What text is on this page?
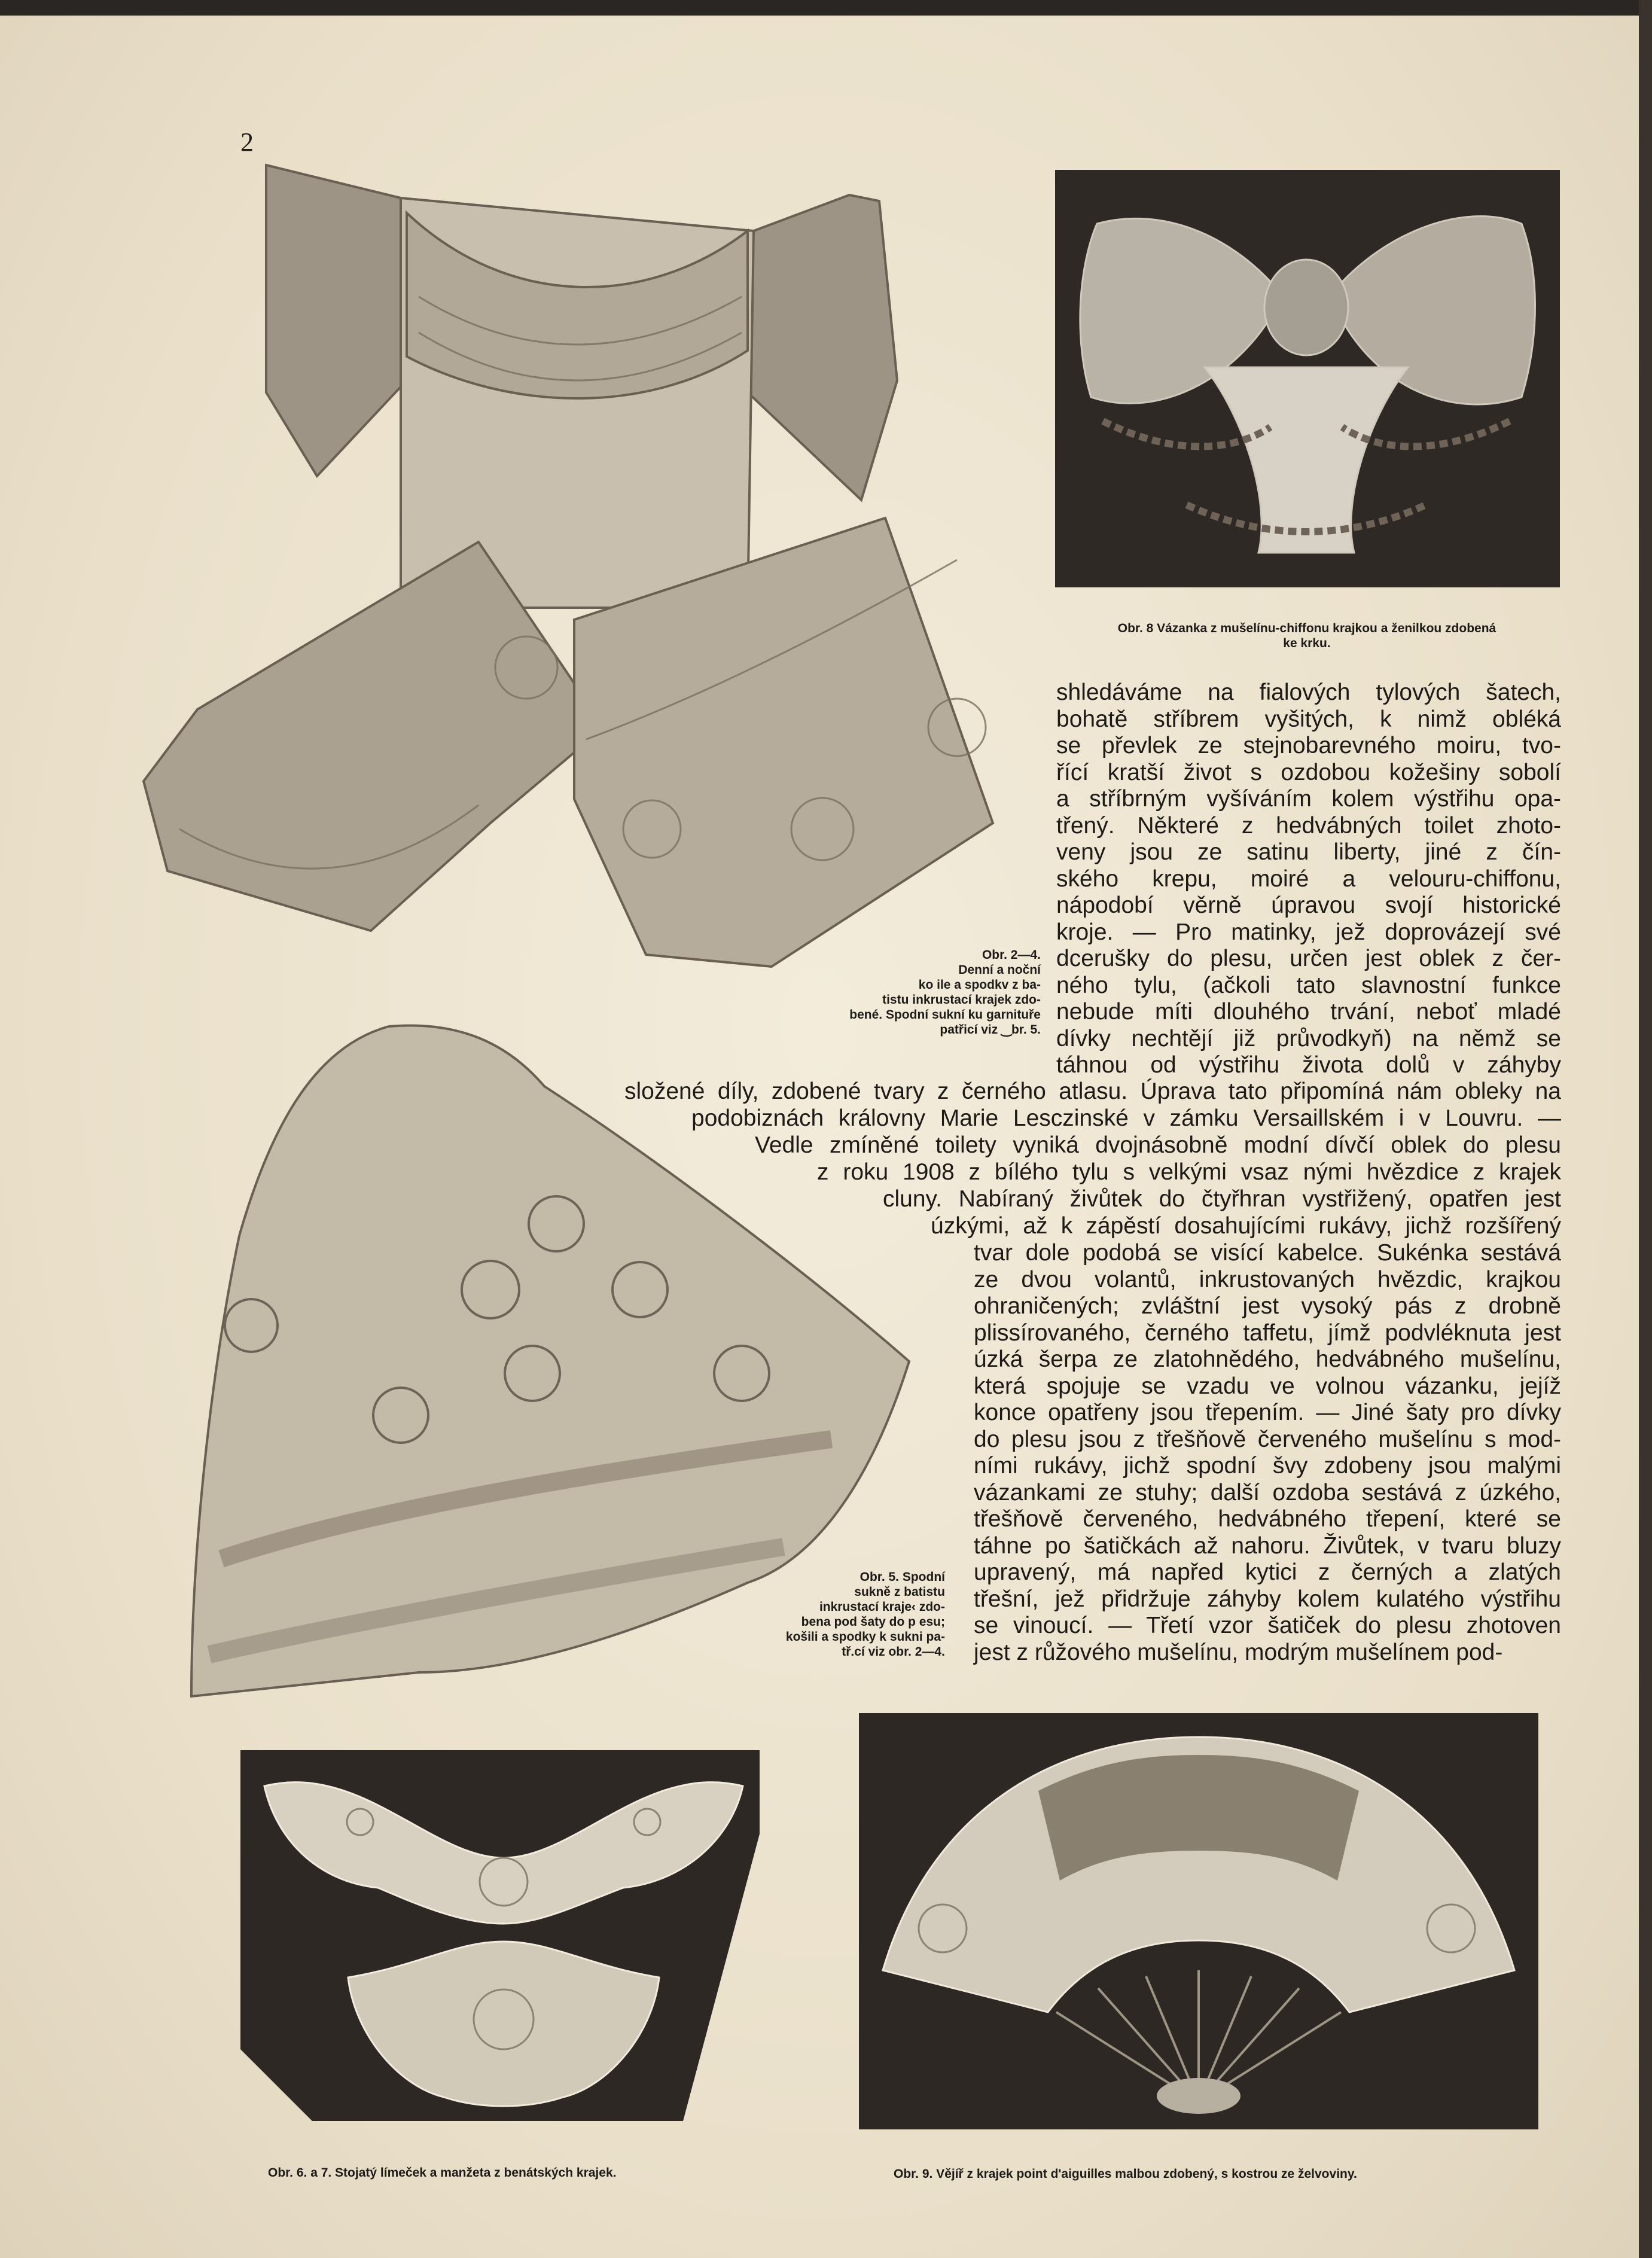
2
Obr. 8 Vázanka z mušelínu-chiffonu krajkou a ženilkou zdobená
ke krku.
Obr. 2—4.
Denní a noční
ko ile a spodkv z ba-
tistu inkrustací krajek zdo-
bené. Spodní sukní ku garnituře
patřicí viz ‿br. 5.

shledáváme na fialových tylových šatech,

bohatě stříbrem vyšitých, k nimž obléká

se převlek ze stejnobarevného moiru, tvo-

řící kratší život s ozdobou kožešiny sobolí

a stříbrným vyšíváním kolem výstřihu opa-

třený. Některé z hedvábných toilet zhoto-

veny jsou ze satinu liberty, jiné z čín-

ského krepu, moiré a velouru-chiffonu,

nápodobí věrně úpravou svojí historické

kroje. — Pro matinky, jež doprovázejí své

dcerušky do plesu, určen jest oblek z čer-

ného tylu, (ačkoli tato slavnostní funkce

nebude míti dlouhého trvání, neboť mladé

dívky nechtějí již průvodkyň) na němž se

táhnou od výstřihu života dolů v záhyby

složené díly, zdobené tvary z černého atlasu. Úprava tato připomíná nám obleky na

podobiznách královny Marie Lesczinské v zámku Versaillském i v Louvru. —

Vedle zmíněné toilety vyniká dvojnásobně modní dívčí oblek do plesu

z roku 1908 z bílého tylu s velkými vsaz nými hvězdice z krajek

cluny. Nabíraný živůtek do čtyřhran vystřižený, opatřen jest

úzkými, až k zápěstí dosahujícími rukávy, jichž rozšířený

tvar dole podobá se visící kabelce. Sukénka sestává

ze dvou volantů, inkrustovaných hvězdic, krajkou

ohraničených; zvláštní jest vysoký pás z drobně

plissírovaného, černého taffetu, jímž podvléknuta jest

úzká šerpa ze zlatohnědého, hedvábného mušelínu,

která spojuje se vzadu ve volnou vázanku, jejíž

konce opatřeny jsou třepením. — Jiné šaty pro dívky

do plesu jsou z třešňově červeného mušelínu s mod-

ními rukávy, jichž spodní švy zdobeny jsou malými

vázankami ze stuhy; další ozdoba sestává z úzkého,

třešňově červeného, hedvábného třepení, které se

táhne po šatičkách až nahoru. Živůtek, v tvaru bluzy

upravený, má napřed kytici z černých a zlatých

třešní, jež přidržuje záhyby kolem kulatého výstřihu

se vinoucí. — Třetí vzor šatiček do plesu zhotoven

jest z růžového mušelínu, modrým mušelínem pod-

Obr. 5. Spodní
sukně z batistu
inkrustací kraje‹ zdo-
bena pod šaty do p esu;
košili a spodky k sukni pa-
tř.cí viz obr. 2—4.
Obr. 6. a 7. Stojatý límeček a manžeta z benátských krajek.	Obr. 9. Vějíř z krajek point d'aiguilles malbou zdobený, s kostrou ze želvoviny.
